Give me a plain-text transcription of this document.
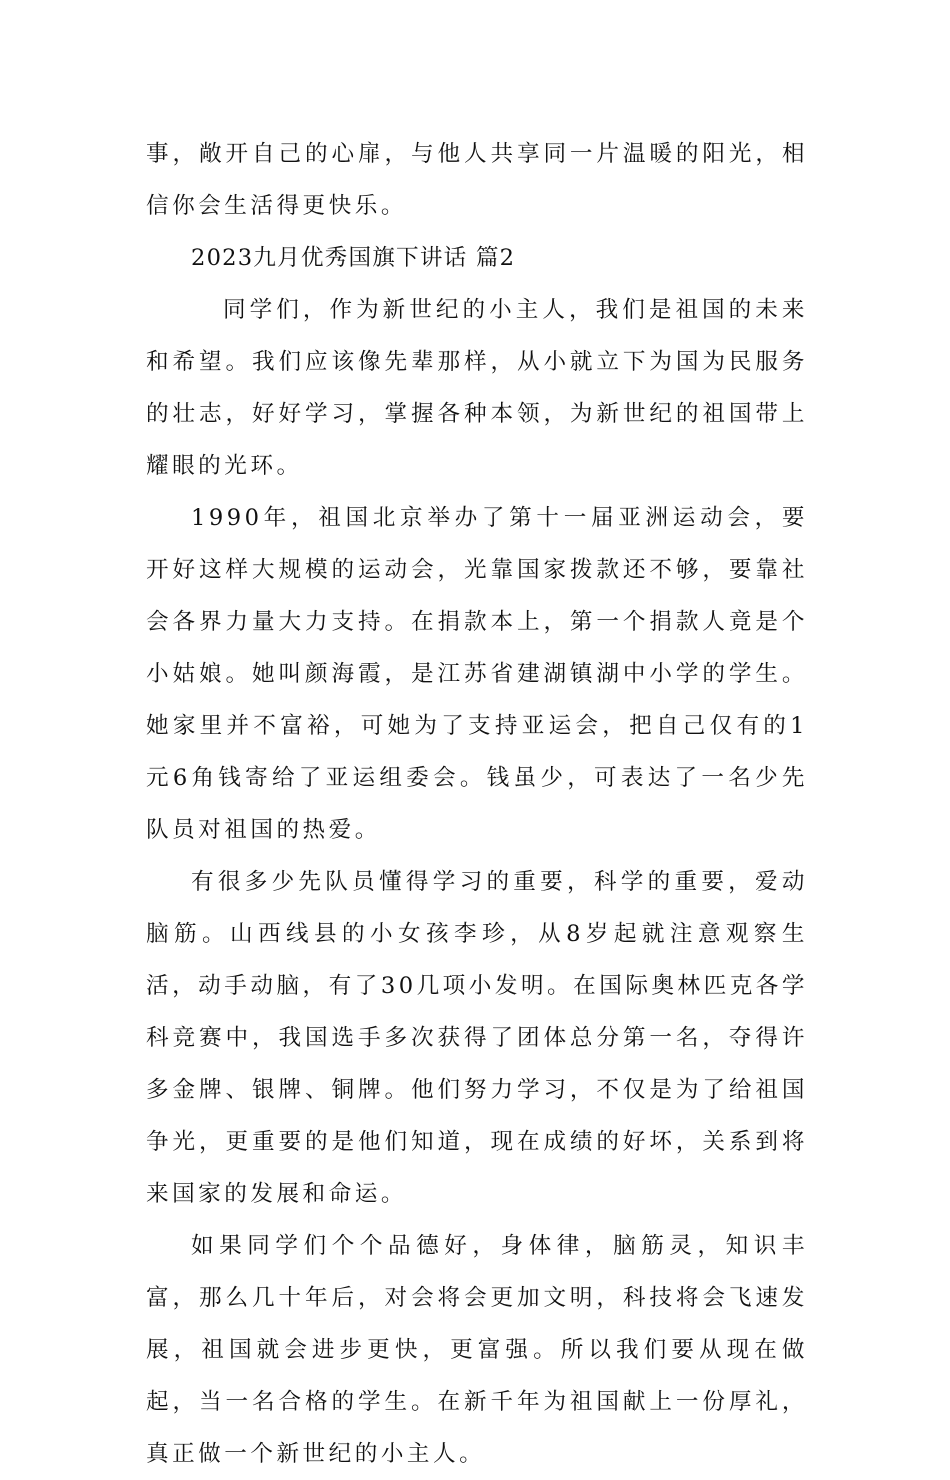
事，敞开自己的心扉，与他人共享同一片温暖的阳光，相信你会生活得更快乐。

2023九月优秀国旗下讲话 篇2

同学们，作为新世纪的小主人，我们是祖国的未来和希望。我们应该像先辈那样，从小就立下为国为民服务的壮志，好好学习，掌握各种本领，为新世纪的祖国带上耀眼的光环。

1990年，祖国北京举办了第十一届亚洲运动会，要开好这样大规模的运动会，光靠国家拨款还不够，要靠社会各界力量大力支持。在捐款本上，第一个捐款人竟是个小姑娘。她叫颜海霞，是江苏省建湖镇湖中小学的学生。她家里并不富裕，可她为了支持亚运会，把自己仅有的1元6角钱寄给了亚运组委会。钱虽少，可表达了一名少先队员对祖国的热爱。

有很多少先队员懂得学习的重要，科学的重要，爱动脑筋。山西线县的小女孩李珍，从8岁起就注意观察生活，动手动脑，有了30几项小发明。在国际奥林匹克各学科竞赛中，我国选手多次获得了团体总分第一名，夺得许多金牌、银牌、铜牌。他们努力学习，不仅是为了给祖国争光，更重要的是他们知道，现在成绩的好坏，关系到将来国家的发展和命运。

如果同学们个个品德好，身体律，脑筋灵，知识丰富，那么几十年后，对会将会更加文明，科技将会飞速发展，祖国就会进步更快，更富强。所以我们要从现在做起，当一名合格的学生。在新千年为祖国献上一份厚礼，真正做一个新世纪的小主人。
